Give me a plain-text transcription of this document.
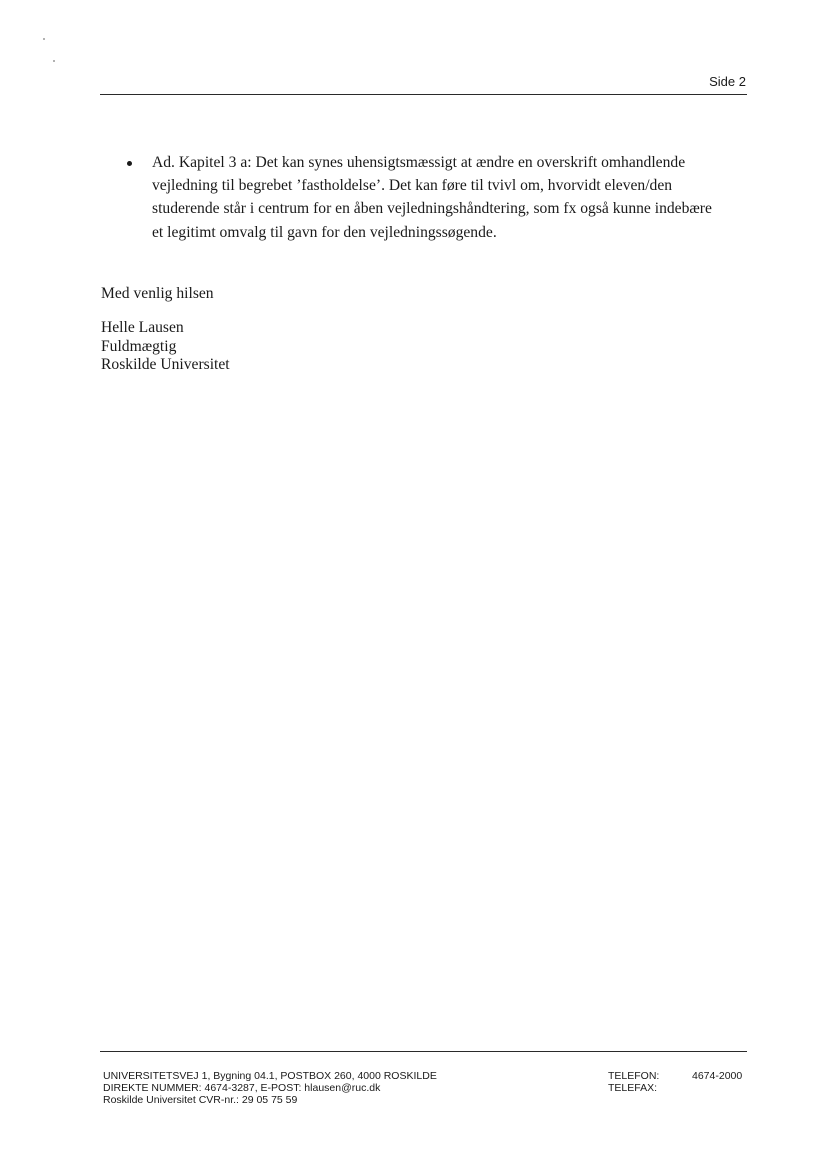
Side 2
Ad. Kapitel 3 a: Det kan synes uhensigtsmæssigt at ændre en overskrift omhandlende
vejledning til begrebet ’fastholdelse’. Det kan føre til tvivl om, hvorvidt eleven/den
studerende står i centrum for en åben vejledningshåndtering, som fx også kunne indebære
et legitimt omvalg til gavn for den vejledningssøgende.
Med venlig hilsen
Helle Lausen
Fuldmægtig
Roskilde Universitet
UNIVERSITETSVEJ 1, Bygning 04.1, POSTBOX 260, 4000 ROSKILDE
DIREKTE NUMMER: 4674-3287, E-POST: hlausen@ruc.dk
Roskilde Universitet CVR-nr.: 29 05 75 59
TELEFON:	4674-2000
TELEFAX:
